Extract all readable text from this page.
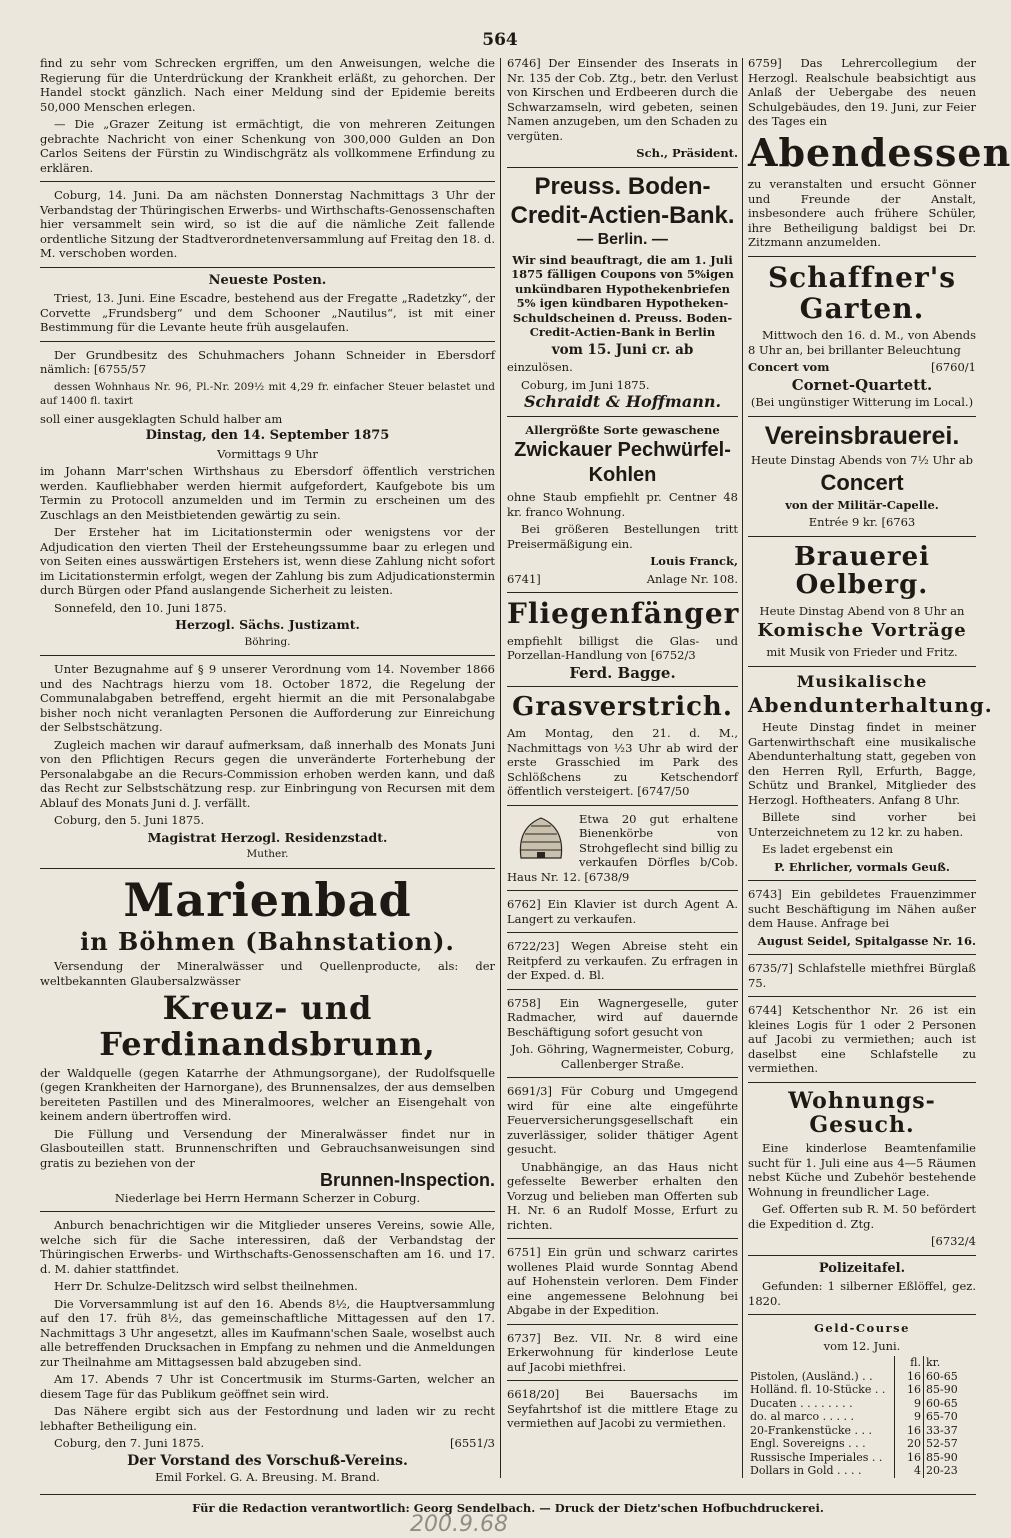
564

find zu sehr vom Schrecken ergriffen, um den Anweisungen, welche die Regierung für die Unterdrückung der Krankheit erläßt, zu gehorchen. Der Handel stockt gänzlich. Nach einer Meldung sind der Epidemie bereits 50,000 Menschen erlegen.

— Die „Grazer Zeitung ist ermächtigt, die von mehreren Zeitungen gebrachte Nachricht von einer Schenkung von 300,000 Gulden an Don Carlos Seitens der Fürstin zu Windischgrätz als vollkommene Erfindung zu erklären.

Coburg, 14. Juni. Da am nächsten Donnerstag Nachmittags 3 Uhr der Verbandstag der Thüringischen Erwerbs- und Wirthschafts-Genossenschaften hier versammelt sein wird, so ist die auf die nämliche Zeit fallende ordentliche Sitzung der Stadtverordnetenversammlung auf Freitag den 18. d. M. verschoben worden.

Neueste Posten.

Triest, 13. Juni. Eine Escadre, bestehend aus der Fregatte „Radetzky“, der Corvette „Frundsberg“ und dem Schooner „Nautilus“, ist mit einer Bestimmung für die Levante heute früh ausgelaufen.

Der Grundbesitz des Schuhmachers Johann Schneider in Ebersdorf nämlich: [6755/57

dessen Wohnhaus Nr. 96, Pl.-Nr. 209½ mit 4,29 fr. einfacher Steuer belastet und auf 1400 fl. taxirt

soll einer ausgeklagten Schuld halber am

Dinstag, den 14. September 1875

Vormittags 9 Uhr

im Johann Marr'schen Wirthshaus zu Ebersdorf öffentlich verstrichen werden. Kaufliebhaber werden hiermit aufgefordert, Kaufgebote bis um Termin zu Protocoll anzumelden und im Termin zu erscheinen um des Zuschlags an den Meistbietenden gewärtig zu sein.

Der Ersteher hat im Licitationstermin oder wenigstens vor der Adjudication den vierten Theil der Ersteheungssumme baar zu erlegen und von Seiten eines ausswärtigen Erstehers ist, wenn diese Zahlung nicht sofort im Licitationstermin erfolgt, wegen der Zahlung bis zum Adjudicationstermin durch Bürgen oder Pfand auslangende Sicherheit zu leisten.

Sonnefeld, den 10. Juni 1875.

Herzogl. Sächs. Justizamt.

Böhring.

Unter Bezugnahme auf § 9 unserer Verordnung vom 14. November 1866 und des Nachtrags hierzu vom 18. October 1872, die Regelung der Communalabgaben betreffend, ergeht hiermit an die mit Personalabgabe bisher noch nicht veranlagten Personen die Aufforderung zur Einreichung der Selbstschätzung.

Zugleich machen wir darauf aufmerksam, daß innerhalb des Monats Juni von den Pflichtigen Recurs gegen die unveränderte Forterhebung der Personalabgabe an die Recurs-Commission erhoben werden kann, und daß das Recht zur Selbstschätzung resp. zur Einbringung von Recursen mit dem Ablauf des Monats Juni d. J. verfällt.

Coburg, den 5. Juni 1875.

Magistrat Herzogl. Residenzstadt.

Muther.

Marienbad
in Böhmen (Bahnstation).

Versendung der Mineralwässer und Quellenproducte, als: der weltbekannten Glaubersalzwässer

Kreuz- und Ferdinandsbrunn,

der Waldquelle (gegen Katarrhe der Athmungsorgane), der Rudolfsquelle (gegen Krankheiten der Harnorgane), des Brunnensalzes, der aus demselben bereiteten Pastillen und des Mineralmoores, welcher an Eisengehalt von keinem andern übertroffen wird.

Die Füllung und Versendung der Mineralwässer findet nur in Glasbouteillen statt. Brunnenschriften und Gebrauchsanweisungen sind gratis zu beziehen von der

Brunnen-Inspection.

Niederlage bei Herrn Hermann Scherzer in Coburg.

Anburch benachrichtigen wir die Mitglieder unseres Vereins, sowie Alle, welche sich für die Sache interessiren, daß der Verbandstag der Thüringischen Erwerbs- und Wirthschafts-Genossenschaften am 16. und 17. d. M. dahier stattfindet.

Herr Dr. Schulze-Delitzsch wird selbst theilnehmen.

Die Vorversammlung ist auf den 16. Abends 8½, die Hauptversammlung auf den 17. früh 8½, das gemeinschaftliche Mittagessen auf den 17. Nachmittags 3 Uhr angesetzt, alles im Kaufmann'schen Saale, woselbst auch alle betreffenden Drucksachen in Empfang zu nehmen und die Anmeldungen zur Theilnahme am Mittagsessen bald abzugeben sind.

Am 17. Abends 7 Uhr ist Concertmusik im Sturms-Garten, welcher an diesem Tage für das Publikum geöffnet sein wird.

Das Nähere ergibt sich aus der Festordnung und laden wir zu recht lebhafter Betheiligung ein.

Coburg, den 7. Juni 1875.	[6551/3

Der Vorstand des Vorschuß-Vereins.

Emil Forkel. G. A. Breusing. M. Brand.

6746] Der Einsender des Inserats in Nr. 135 der Cob. Ztg., betr. den Verlust von Kirschen und Erdbeeren durch die Schwarzamseln, wird gebeten, seinen Namen anzugeben, um den Schaden zu vergüten.

Sch., Präsident.

Preuss. Boden-
Credit-Actien-Bank.
— Berlin. —

Wir sind beauftragt, die am 1. Juli 1875 fälligen Coupons von 5%igen unkündbaren Hypothekenbriefen 5% igen kündbaren Hypotheken-Schuldscheinen d. Preuss. Boden-Credit-Actien-Bank in Berlin

vom 15. Juni cr. ab

einzulösen.

Coburg, im Juni 1875.

Schraidt & Hoffmann.

Allergrößte Sorte gewaschene

Zwickauer Pechwürfel-
Kohlen

ohne Staub empfiehlt pr. Centner 48 kr. franco Wohnung.

Bei größeren Bestellungen tritt Preisermäßigung ein.

Louis Franck,

6741]	Anlage Nr. 108.

Fliegenfänger

empfiehlt billigst die Glas- und Porzellan-Handlung von [6752/3

Ferd. Bagge.

Grasverstrich.

Am Montag, den 21. d. M., Nachmittags von ½3 Uhr ab wird der erste Grasschied im Park des Schlößchens zu Ketschendorf öffentlich versteigert. [6747/50

Etwa 20 gut erhaltene Bienenkörbe von Strohgeflecht sind billig zu verkaufen Dörfles b/Cob. Haus Nr. 12. [6738/9

6762] Ein Klavier ist durch Agent A. Langert zu verkaufen.

6722/23] Wegen Abreise steht ein Reitpferd zu verkaufen. Zu erfragen in der Exped. d. Bl.

6758] Ein Wagnergeselle, guter Radmacher, wird auf dauernde Beschäftigung sofort gesucht von

Joh. Göhring, Wagnermeister, Coburg, Callenberger Straße.

6691/3] Für Coburg und Umgegend wird für eine alte eingeführte Feuerversicherungsgesellschaft ein zuverlässiger, solider thätiger Agent gesucht.

Unabhängige, an das Haus nicht gefesselte Bewerber erhalten den Vorzug und belieben man Offerten sub H. Nr. 6 an Rudolf Mosse, Erfurt zu richten.

6751] Ein grün und schwarz carirtes wollenes Plaid wurde Sonntag Abend auf Hohenstein verloren. Dem Finder eine angemessene Belohnung bei Abgabe in der Expedition.

6737] Bez. VII. Nr. 8 wird eine Erkerwohnung für kinderlose Leute auf Jacobi miethfrei.

6618/20] Bei Bauersachs im Seyfahrtshof ist die mittlere Etage zu vermiethen auf Jacobi zu vermiethen.

6759] Das Lehrercollegium der Herzogl. Realschule beabsichtigt aus Anlaß der Uebergabe des neuen Schulgebäudes, den 19. Juni, zur Feier des Tages ein

Abendessen

zu veranstalten und ersucht Gönner und Freunde der Anstalt, insbesondere auch frühere Schüler, ihre Betheiligung baldigst bei Dr. Zitzmann anzumelden.

Schaffner's Garten.

Mittwoch den 16. d. M., von Abends 8 Uhr an, bei brillanter Beleuchtung

Concert vom	[6760/1

Cornet-Quartett.

(Bei ungünstiger Witterung im Local.)

Vereinsbrauerei.

Heute Dinstag Abends von 7½ Uhr ab

Concert

von der Militär-Capelle.

Entrée 9 kr. [6763

Brauerei Oelberg.

Heute Dinstag Abend von 8 Uhr an

Komische Vorträge

mit Musik von Frieder und Fritz.

Musikalische
Abendunterhaltung.

Heute Dinstag findet in meiner Gartenwirthschaft eine musikalische Abendunterhaltung statt, gegeben von den Herren Ryll, Erfurth, Bagge, Schütz und Brankel, Mitglieder des Herzogl. Hoftheaters. Anfang 8 Uhr.

Billete sind vorher bei Unterzeichnetem zu 12 kr. zu haben.

Es ladet ergebenst ein

P. Ehrlicher, vormals Geuß.

6743] Ein gebildetes Frauenzimmer sucht Beschäftigung im Nähen außer dem Hause. Anfrage bei

August Seidel, Spitalgasse Nr. 16.

6735/7] Schlafstelle miethfrei Bürglaß 75.

6744] Ketschenthor Nr. 26 ist ein kleines Logis für 1 oder 2 Personen auf Jacobi zu vermiethen; auch ist daselbst eine Schlafstelle zu vermiethen.

Wohnungs-Gesuch.

Eine kinderlose Beamtenfamilie sucht für 1. Juli eine aus 4—5 Räumen nebst Küche und Zubehör bestehende Wohnung in freundlicher Lage.

Gef. Offerten sub R. M. 50 befördert die Expedition d. Ztg.

[6732/4

Polizeitafel.

Gefunden: 1 silberner Eßlöffel, gez. 1820.

Geld-Course

vom 12. Juni.

	fl.	kr.
Pistolen, (Ausländ.) . .	16	60-65
Holländ. fl. 10-Stücke . .	16	85-90
Ducaten . . . . . . . .	9	60-65
do. al marco . . . . .	9	65-70
20-Frankenstücke . . .	16	33-37
Engl. Sovereigns . . .	20	52-57
Russische Imperiales . .	16	85-90
Dollars in Gold . . . .	4	20-23
Für die Redaction verantwortlich: Georg Sendelbach. — Druck der Dietz'schen Hofbuchdruckerei.
200.9.68
